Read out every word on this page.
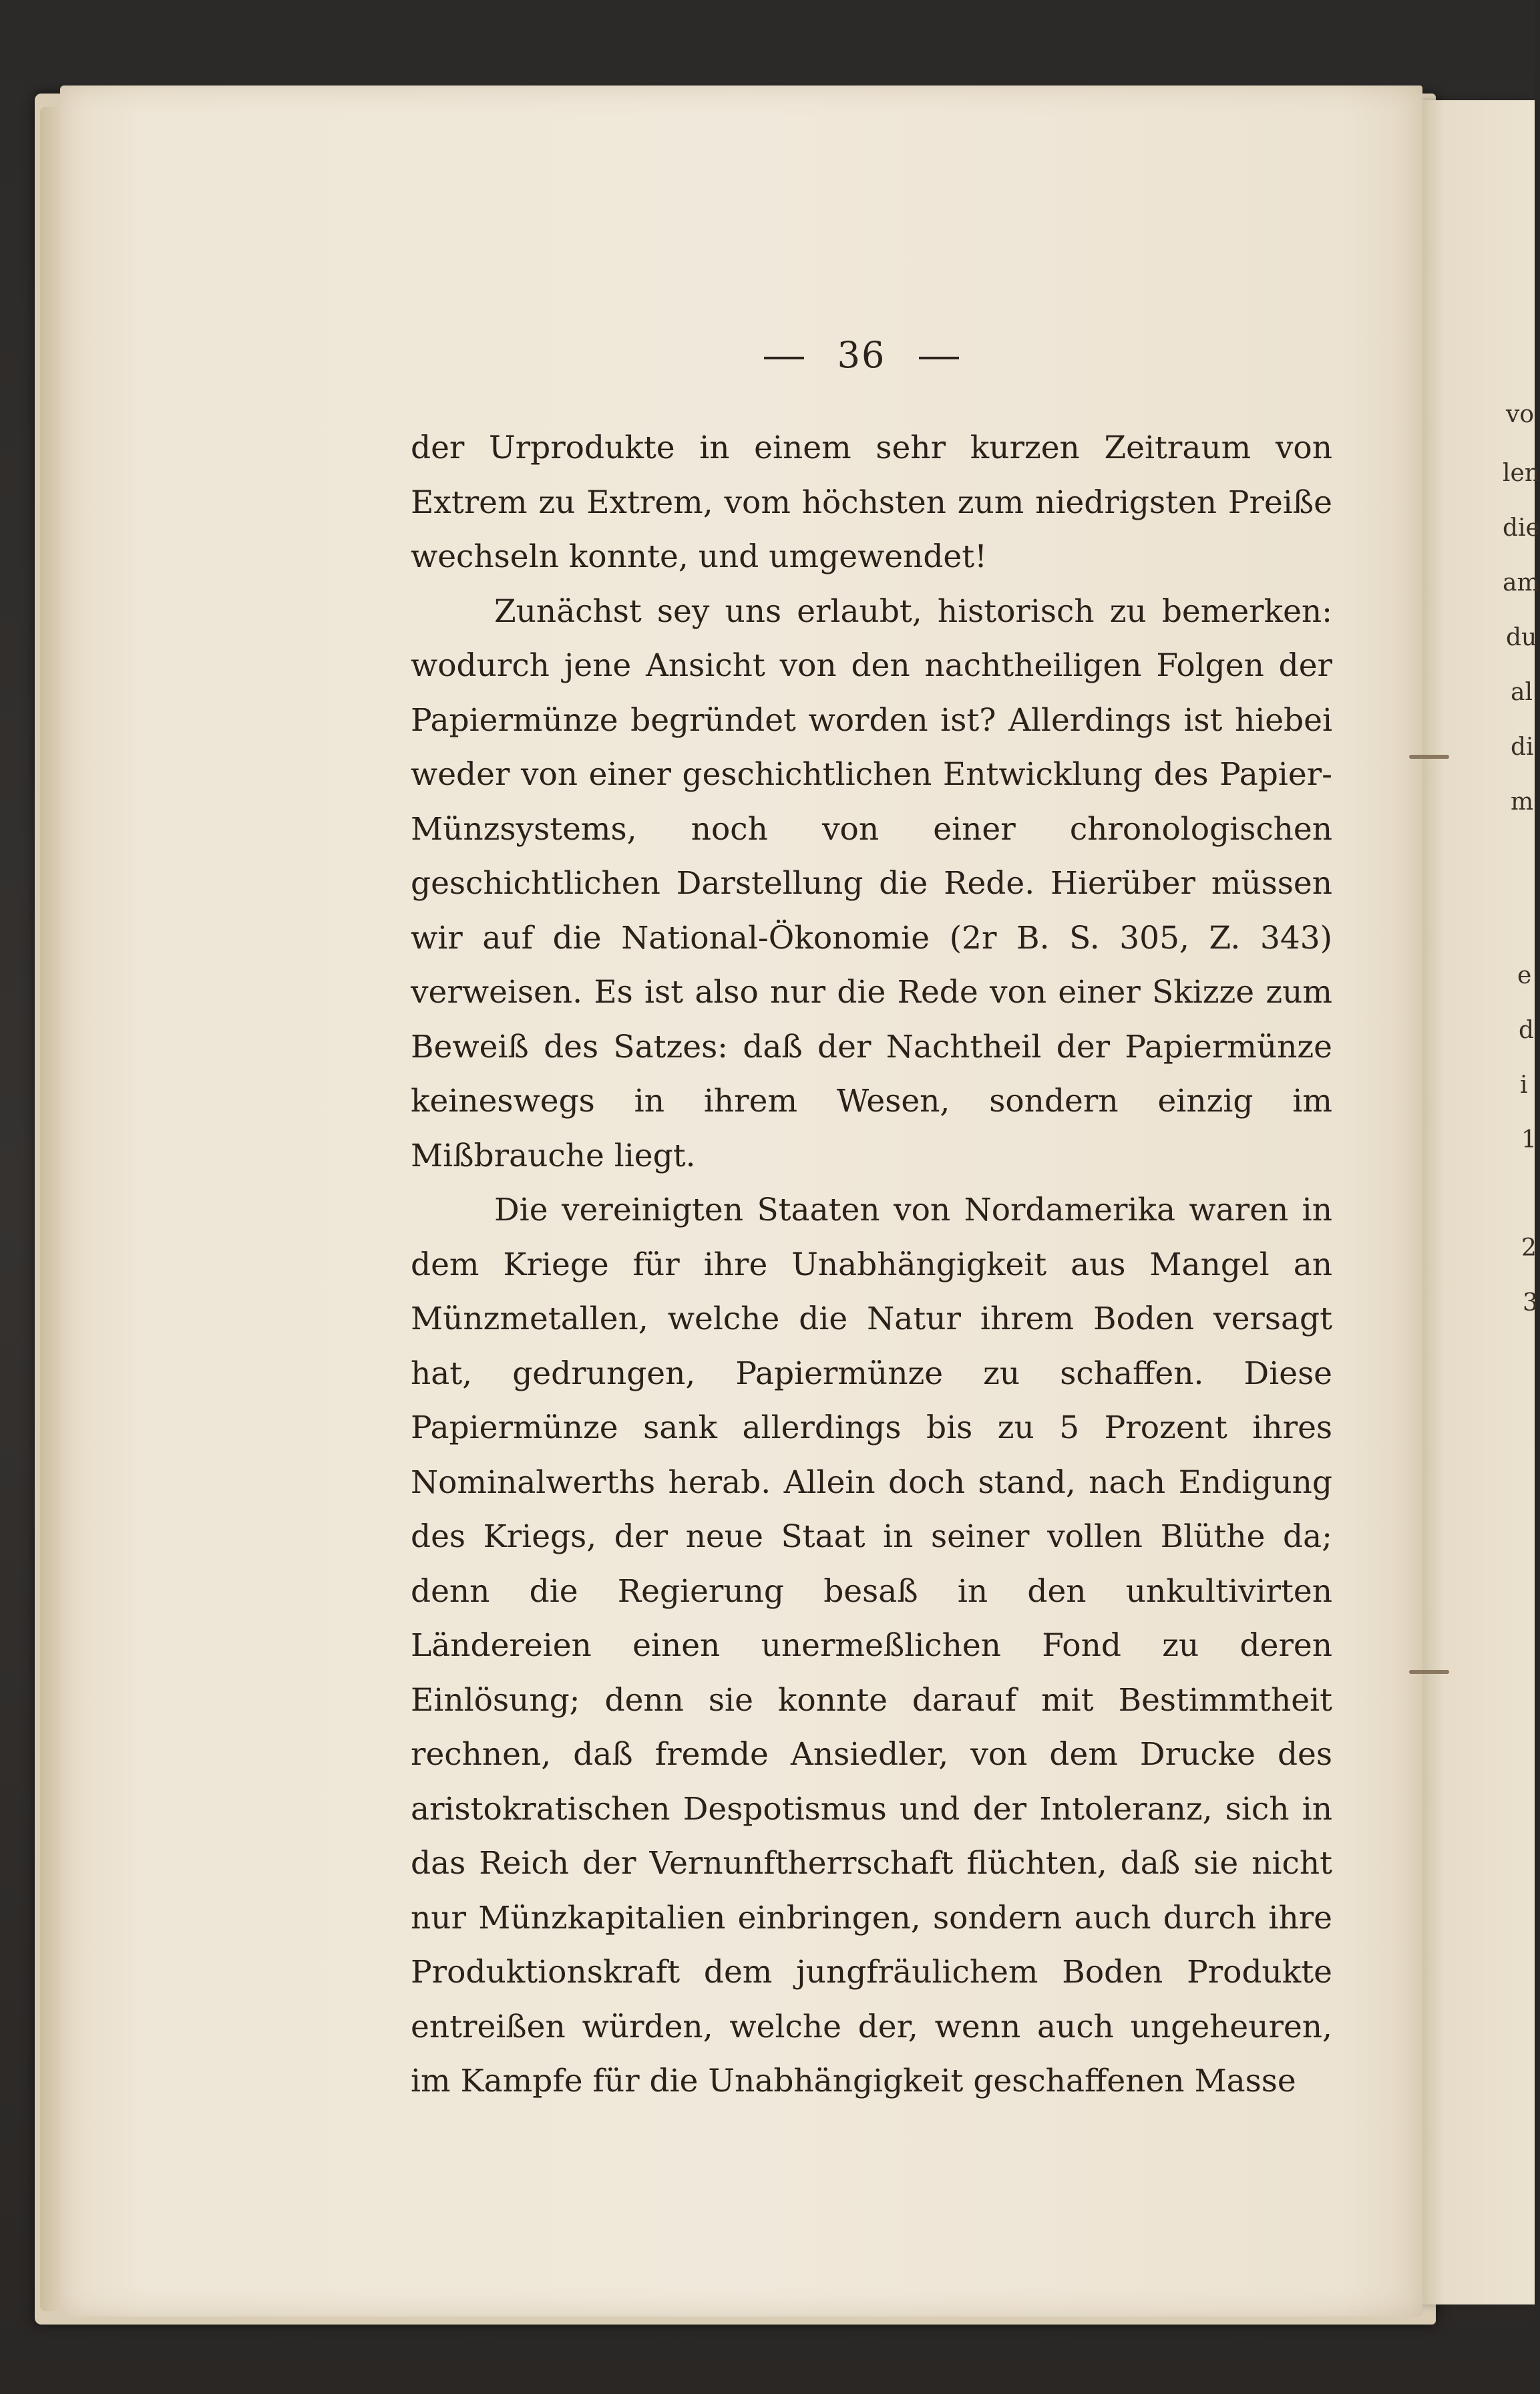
36

der Urprodukte in einem sehr kurzen Zeitraum von Extrem zu Extrem, vom höchsten zum niedrigsten Preiße wechseln konnte, und umgewendet!

Zunächst sey uns erlaubt, historisch zu bemerken: wodurch jene Ansicht von den nachtheiligen Folgen der Papiermünze begründet worden ist? Allerdings ist hiebei weder von einer geschichtlichen Entwicklung des Papier-Münzsystems, noch von einer chronologischen geschichtlichen Darstellung die Rede. Hierüber müssen wir auf die National-Ökonomie (2r B. S. 305, Z. 343) verweisen. Es ist also nur die Rede von einer Skizze zum Beweiß des Satzes: daß der Nachtheil der Papiermünze keineswegs in ihrem Wesen, sondern einzig im Mißbrauche liegt.

Die vereinigten Staaten von Nordamerika waren in dem Kriege für ihre Unabhängigkeit aus Mangel an Münzmetallen, welche die Natur ihrem Boden versagt hat, gedrungen, Papiermünze zu schaffen. Diese Papiermünze sank allerdings bis zu 5 Prozent ihres Nominalwerths herab. Allein doch stand, nach Endigung des Kriegs, der neue Staat in seiner vollen Blüthe da; denn die Regierung besaß in den unkultivirten Ländereien einen unermeßlichen Fond zu deren Einlösung; denn sie konnte darauf mit Bestimmtheit rechnen, daß fremde Ansiedler, von dem Drucke des aristokratischen Despotismus und der Intoleranz, sich in das Reich der Vernunftherrschaft flüchten, daß sie nicht nur Münzkapitalien einbringen, sondern auch durch ihre Produktionskraft dem jungfräulichem Boden Produkte entreißen würden, welche der, wenn auch ungeheuren, im Kampfe für die Unabhängigkeit geschaffenen Masse

vo
len
die
am
du
al
di
m
e
d
i
1
2
3
